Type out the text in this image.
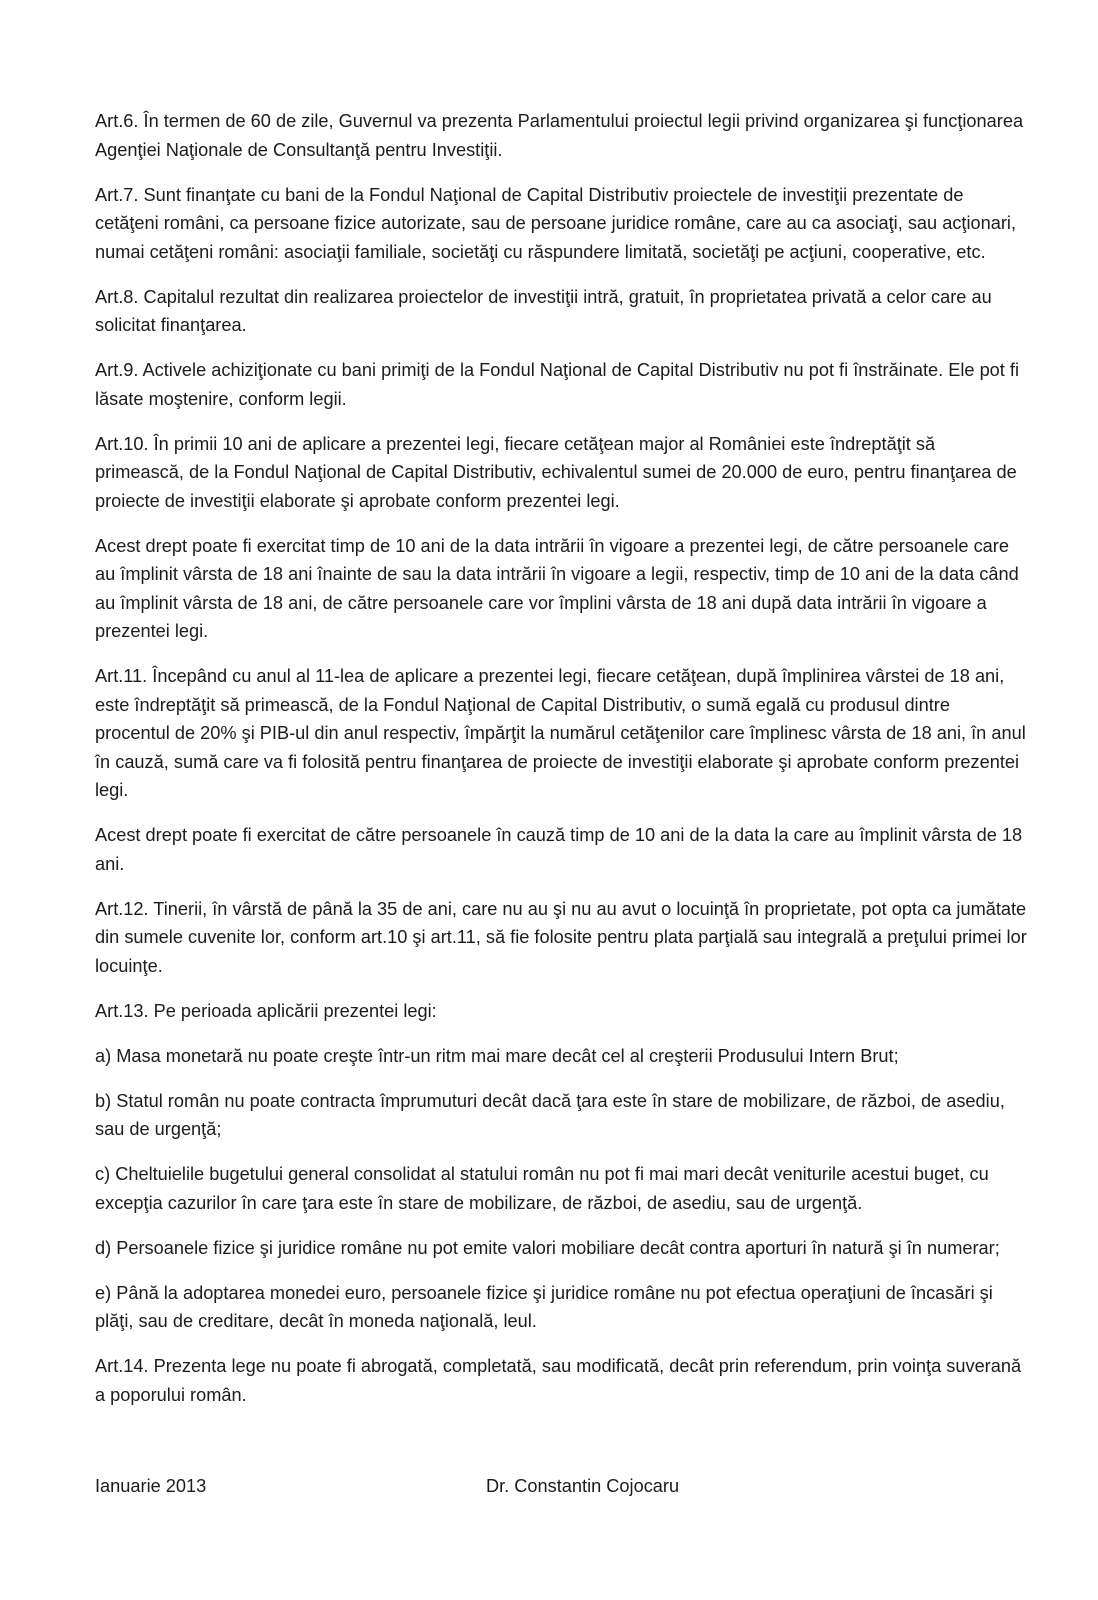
Art.6. În termen de 60 de zile, Guvernul va prezenta Parlamentului proiectul legii privind organizarea şi funcţionarea Agenţiei Naţionale de Consultanţă pentru Investiţii.

Art.7. Sunt finanţate cu bani de la Fondul Naţional de Capital Distributiv proiectele de investiţii prezentate de cetăţeni români, ca persoane fizice autorizate, sau de persoane juridice române, care au ca asociaţi, sau acţionari, numai cetăţeni români: asociaţii familiale, societăţi cu răspundere limitată, societăţi pe acţiuni, cooperative, etc.

Art.8. Capitalul rezultat din realizarea proiectelor de investiţii intră, gratuit, în proprietatea privată a celor care au solicitat finanţarea.

Art.9. Activele achiziţionate cu bani primiţi de la Fondul Naţional de Capital Distributiv nu pot fi înstrăinate. Ele pot fi lăsate moştenire, conform legii.

Art.10. În primii 10 ani de aplicare a prezentei legi, fiecare cetăţean major al României este îndreptăţit să primească, de la Fondul Naţional de Capital Distributiv, echivalentul sumei de 20.000 de euro, pentru finanţarea de proiecte de investiţii elaborate şi aprobate conform prezentei legi.

Acest drept poate fi exercitat timp de 10 ani de la data intrării în vigoare a prezentei legi, de către persoanele care au împlinit vârsta de 18 ani înainte de sau la data intrării în vigoare a legii, respectiv, timp de 10 ani de la data când au împlinit vârsta de 18 ani, de către persoanele care vor împlini vârsta de 18 ani după data intrării în vigoare a prezentei legi.

Art.11. Începând cu anul al 11-lea de aplicare a prezentei legi, fiecare cetăţean, după împlinirea vârstei de 18 ani, este îndreptăţit să primească, de la Fondul Naţional de Capital Distributiv, o sumă egală cu produsul dintre procentul de 20% şi PIB-ul din anul respectiv, împărţit la numărul cetăţenilor care împlinesc vârsta de 18 ani, în anul în cauză, sumă care va fi folosită pentru finanţarea de proiecte de investiţii elaborate şi aprobate conform prezentei legi.

Acest drept poate fi exercitat de către persoanele în cauză timp de 10 ani de la data la care au împlinit vârsta de 18 ani.

Art.12. Tinerii, în vârstă de până la 35 de ani, care nu au şi nu au avut o locuinţă în proprietate, pot opta ca jumătate din sumele cuvenite lor, conform art.10 şi art.11, să fie folosite pentru plata parţială sau integrală a preţului primei lor locuinţe.

Art.13. Pe perioada aplicării prezentei legi:

a) Masa monetară nu poate creşte într-un ritm mai mare decât cel al creşterii Produsului Intern Brut;

b) Statul român nu poate contracta împrumuturi decât dacă ţara este în stare de mobilizare, de război, de asediu, sau de urgenţă;

c) Cheltuielile bugetului general consolidat al statului român nu pot fi mai mari decât veniturile acestui buget, cu excepţia cazurilor în care ţara este în stare de mobilizare, de război, de asediu, sau de urgenţă.

d) Persoanele fizice şi juridice române nu pot emite valori mobiliare decât contra aporturi în natură şi în numerar;

e) Până la adoptarea monedei euro, persoanele fizice şi juridice române nu pot efectua operaţiuni de încasări şi plăţi, sau de creditare, decât în moneda naţională, leul.

Art.14. Prezenta lege nu poate fi abrogată, completată, sau modificată, decât prin referendum, prin voinţa suverană a poporului român.

Ianuarie 2013	Dr. Constantin Cojocaru
